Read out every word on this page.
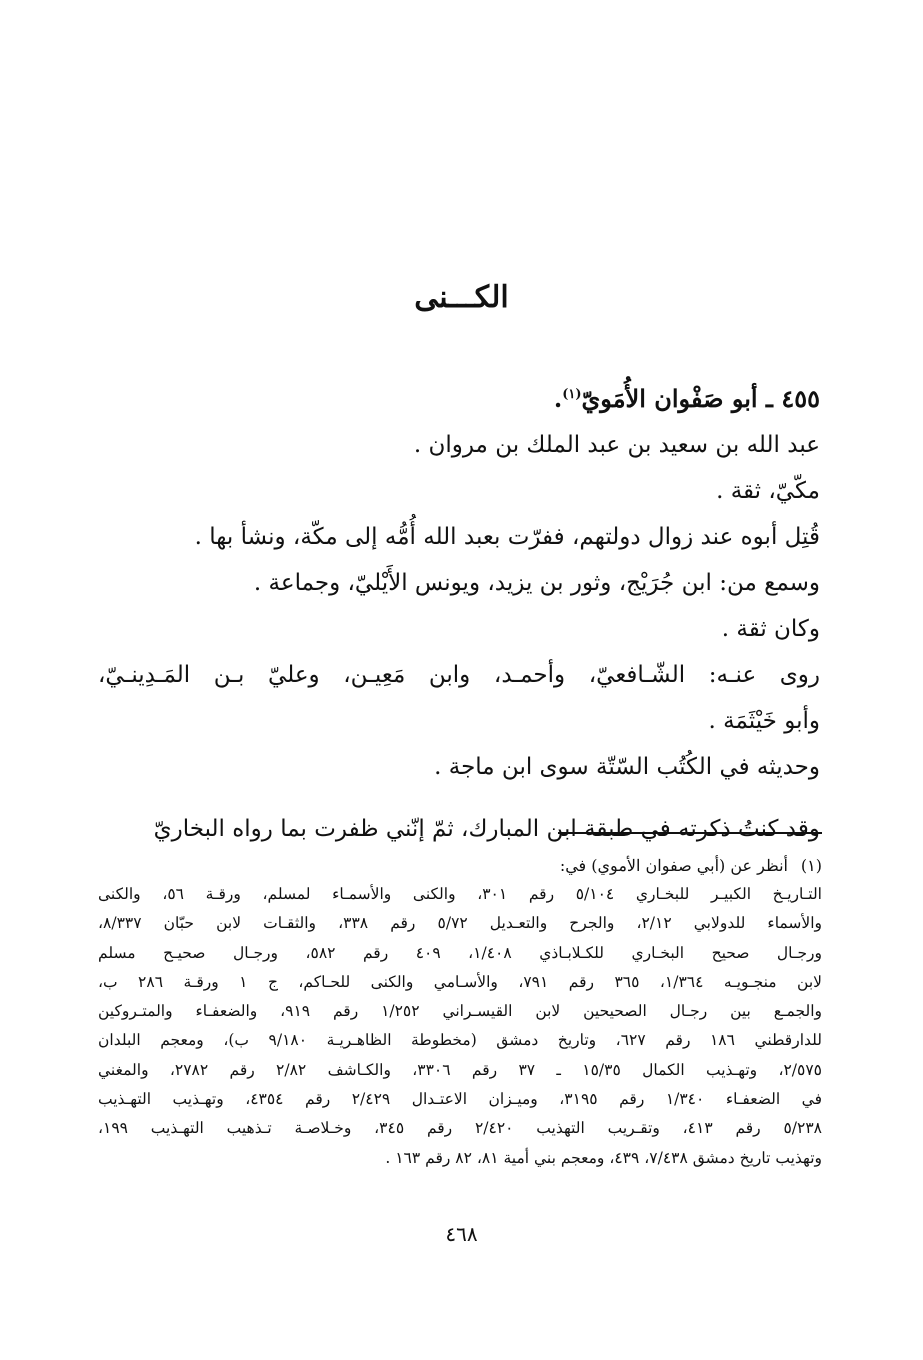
الكـــنى
٤٥٥ ـ أبو صَفْوان الأُمَويّ$^{(١)}$.
عبد الله بن سعيد بن عبد الملك بن مروان .
مكّيّ، ثقة .
قُتِل أبوه عند زوال دولتهم، ففرّت بعبد الله أُمُّه إلى مكّة، ونشأ بها .
وسمع من: ابن جُرَيْج، وثور بن يزيد، ويونس الأَيْليّ، وجماعة .
وكان ثقة .
روى عنـه: الشّـافعيّ، وأحمـد، وابن مَعِيـن، وعليّ بـن المَـدِينـيّ،
وأبو خَيْثَمَة .
وحديثه في الكُتُب السّتّة سوى ابن ماجة .
وقد كنتُ ذكرته في طبقة ابن المبارك، ثمّ إنّني ظفرت بما رواه البخاريّ
(١)
أنظر عن (أبي صفوان الأموي) في:
التـاريـخ الكبيـر للبخـاري ٥/١٠٤ رقم ٣٠١، والكنى والأسمـاء لمسلم، ورقـة ٥٦، والكنى
والأسماء للدولابي ٢/١٢، والجرح والتعـديل ٥/٧٢ رقم ٣٣٨، والثقـات لابن حبّان ٨/٣٣٧،
ورجـال صحيح البخـاري للكـلابـاذي ١/٤٠٨، ٤٠٩ رقم ٥٨٢، ورجـال صحيـح مسلم
لابن منجـويـه ١/٣٦٤، ٣٦٥ رقم ٧٩١، والأسـامي والكنى للحـاكم، ج ١ ورقـة ٢٨٦ ب،
والجمـع بين رجـال الصحيحين لابن القيسـراني ١/٢٥٢ رقم ٩١٩، والضعفـاء والمتـروكين
للدارقطني ١٨٦ رقم ٦٢٧، وتاريخ دمشق (مخطوطة الظاهـريـة ٩/١٨٠ ب)، ومعجم البلدان
٢/٥٧٥، وتهـذيب الكمال ١٥/٣٥ ـ ٣٧ رقم ٣٣٠٦، والكـاشف ٢/٨٢ رقم ٢٧٨٢، والمغني
في الضعفـاء ١/٣٤٠ رقم ٣١٩٥، وميـزان الاعتـدال ٢/٤٢٩ رقم ٤٣٥٤، وتهـذيب التهـذيب
٥/٢٣٨ رقم ٤١٣، وتقـريب التهذيب ٢/٤٢٠ رقم ٣٤٥، وخـلاصـة تـذهيب التهـذيب ١٩٩،
وتهذيب تاريخ دمشق ٧/٤٣٨، ٤٣٩، ومعجم بني أمية ٨١، ٨٢ رقم ١٦٣ .
٤٦٨
